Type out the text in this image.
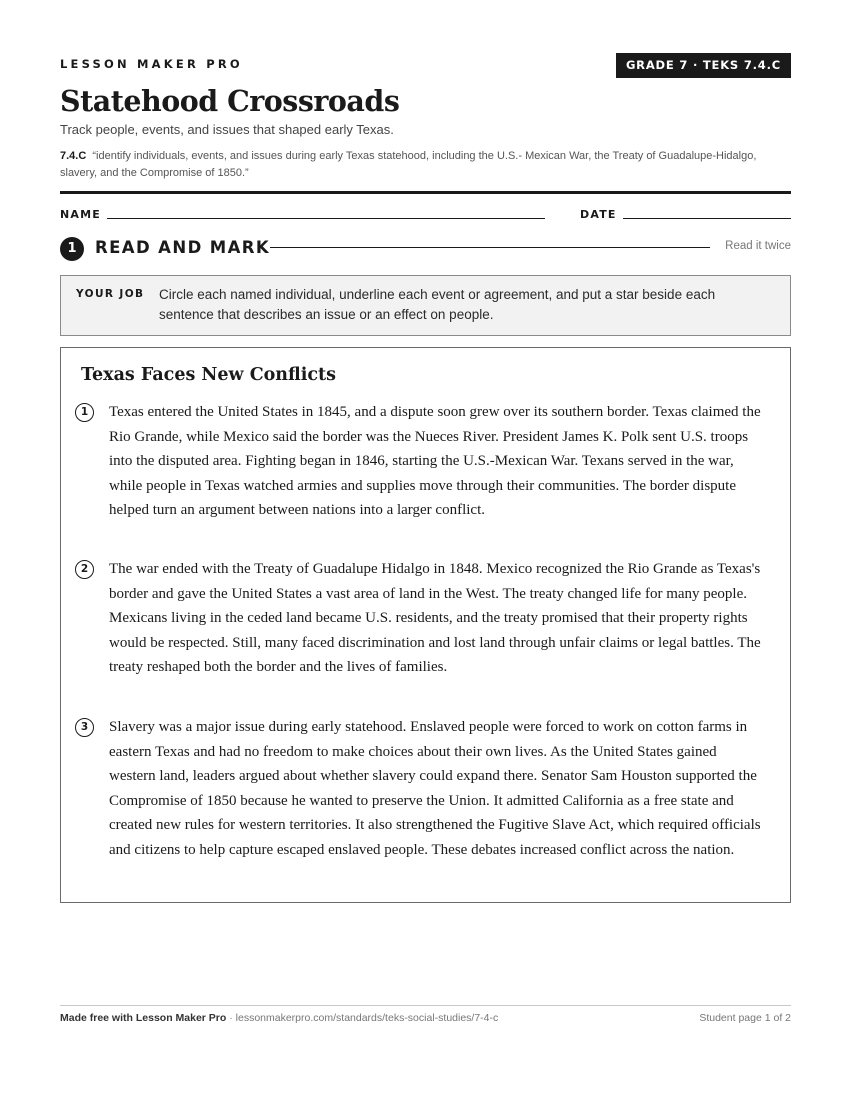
LESSON MAKER PRO	GRADE 7 · TEKS 7.4.C
Statehood Crossroads
Track people, events, and issues that shaped early Texas.
7.4.C “identify individuals, events, and issues during early Texas statehood, including the U.S.- Mexican War, the Treaty of Guadalupe-Hidalgo, slavery, and the Compromise of 1850.”
NAME	DATE
1	READ AND MARK	Read it twice
YOUR JOB Circle each named individual, underline each event or agreement, and put a star beside each sentence that describes an issue or an effect on people.
Texas Faces New Conflicts
1	Texas entered the United States in 1845, and a dispute soon grew over its southern border. Texas claimed the Rio Grande, while Mexico said the border was the Nueces River. President James K. Polk sent U.S. troops into the disputed area. Fighting began in 1846, starting the U.S.-Mexican War. Texans served in the war, while people in Texas watched armies and supplies move through their communities. The border dispute helped turn an argument between nations into a larger conflict.

2	The war ended with the Treaty of Guadalupe Hidalgo in 1848. Mexico recognized the Rio Grande as Texas's border and gave the United States a vast area of land in the West. The treaty changed life for many people. Mexicans living in the ceded land became U.S. residents, and the treaty promised that their property rights would be respected. Still, many faced discrimination and lost land through unfair claims or legal battles. The treaty reshaped both the border and the lives of families.

3	Slavery was a major issue during early statehood. Enslaved people were forced to work on cotton farms in eastern Texas and had no freedom to make choices about their own lives. As the United States gained western land, leaders argued about whether slavery could expand there. Senator Sam Houston supported the Compromise of 1850 because he wanted to preserve the Union. It admitted California as a free state and created new rules for western territories. It also strengthened the Fugitive Slave Act, which required officials and citizens to help capture escaped enslaved people. These debates increased conflict across the nation.

Made free with Lesson Maker Pro · lessonmakerpro.com/standards/teks-social-studies/7-4-c	Student page 1 of 2
